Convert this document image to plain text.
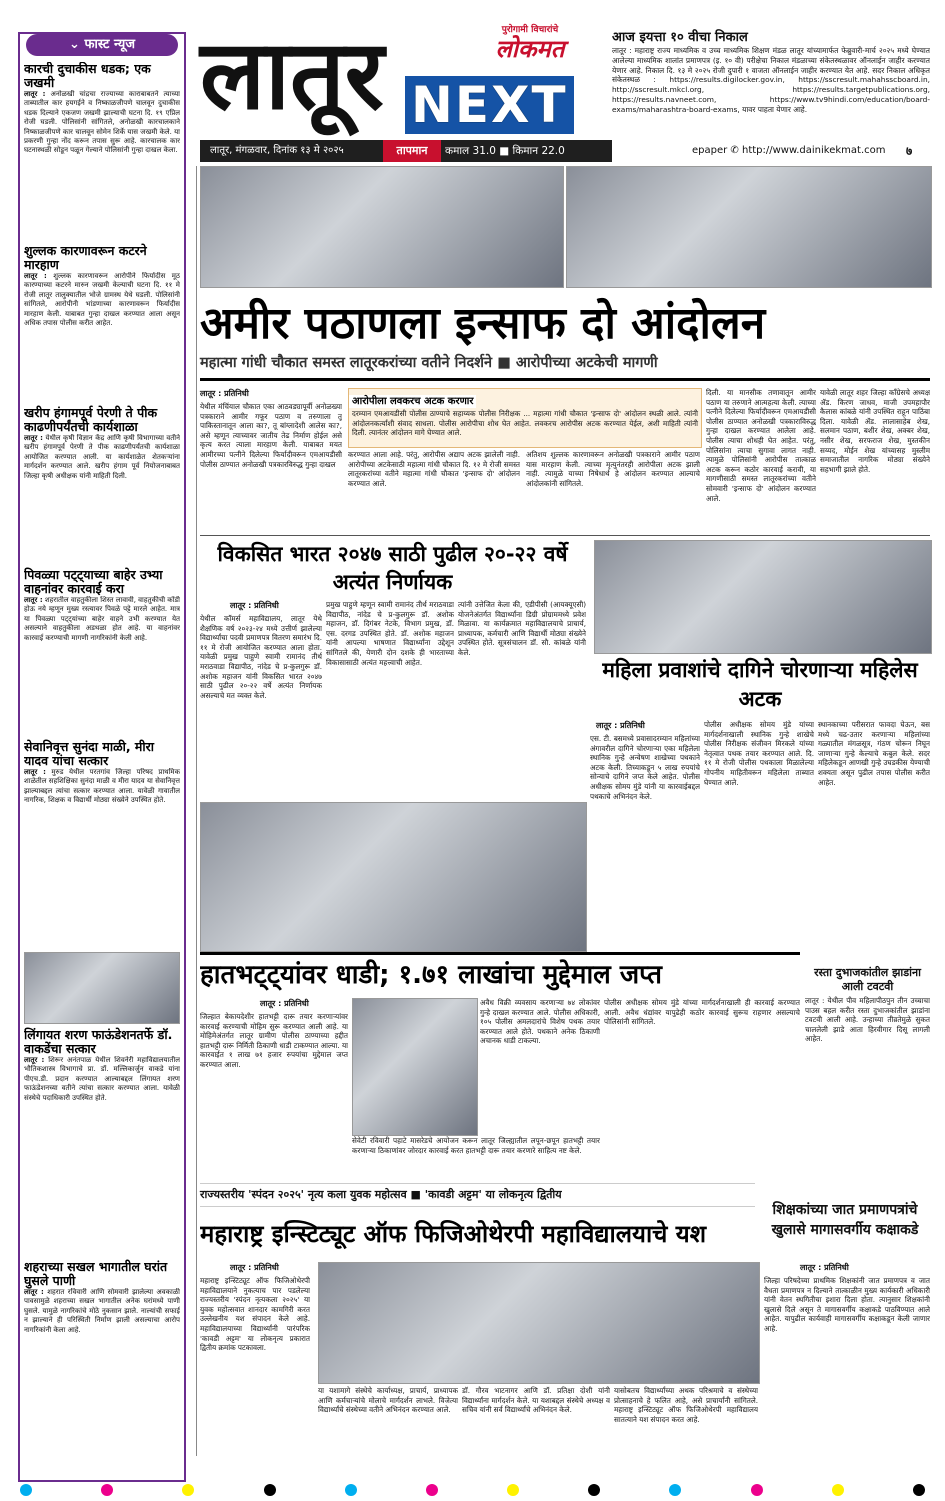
⌄ फास्ट न्यूज
कारची दुचाकीस धडक; एक जखमी
लातूर : अनोळखी चांद्रचा राज्याच्या काराबाबतने त्याच्या ताब्यातील कार हयगईने व निष्काळजीपणे चालवून दुचाकीस धडक दिल्याने एकजण जखमी झाल्याची घटना दि. १९ एप्रिल रोजी घडली. पोलिसांनी सांगितले, अनोळखी कारचालकाने निष्काळजीपणे कार चालवून सोमेन शिर्के यास जखमी केले. या प्रकरणी गुन्हा नोंद करून तपास सुरू आहे. कारचालक कार घटनास्थळी सोडून पळून गेल्याने पोलिसांनी गुन्हा दाखल केला.
शुल्लक कारणावरून कटरने मारहाण
लातूर : शुल्लक कारणावरून आरोपीने फिर्यादीस मूठ कारण्याच्या कटरने मारुन जखमी केल्याची घटना दि. ११ मे रोजी लातूर तालुक्यातील भोजे ग्रामस्थ येथे घडली. पोलिसांनी सांगितले, आरोपीनी भांडणाच्या कारणावरून फिर्यादीस मारहाण केली. याबाबत गुन्हा दाखल करण्यात आला असून अधिक तपास पोलीस करीत आहेत.
खरीप हंगामपूर्व पेरणी ते पीक काढणीपर्यंतची कार्यशाळा
लातूर : येथील कृषी विज्ञान केंद्र आणि कृषी विभागाच्या वतीने खरीप हंगामपूर्व पेरणी ते पीक काढणीपर्यंतची कार्यशाळा आयोजित करण्यात आली. या कार्यशाळेत शेतकऱ्यांना मार्गदर्शन करण्यात आले. खरीप हंगाम पूर्व नियोजनाबाबत जिल्हा कृषी अधीक्षक यांनी माहिती दिली.
पिवळ्या पट्ट्याच्या बाहेर उभ्या वाहनांवर कारवाई करा
लातूर : शहरातील वाहतुकीला शिस्त लावावी, वाहतुकीची कोंडी होऊ नये म्हणून मुख्य रस्त्यावर पिवळे पट्टे मारले आहेत. मात्र या पिवळ्या पट्ट्यांच्या बाहेर वाहने उभी करण्यात येत असल्याने वाहतुकीला अडथळा होत आहे. या वाहनांवर कारवाई करण्याची मागणी नागरिकांनी केली आहे.
सेवानिवृत्त सुनंदा माळी, मीरा यादव यांचा सत्कार
लातूर : मुरुड येथील परतगांव जिल्हा परिषद प्राथमिक शाळेतील सहशिक्षिका सुनंदा माळी व मीरा यादव या सेवानिवृत्त झाल्याबद्दल त्यांचा सत्कार करण्यात आला. यावेळी गावातील नागरिक, शिक्षक व विद्यार्थी मोठ्या संख्येने उपस्थित होते.
लिंगायत शरण फाऊंडेशनतर्फे डॉ. वाकडेंचा सत्कार
लातूर : शिरूर अनंतपाळ येथील शिवनेरी महाविद्यालयातील भौतिकशास्त्र विभागाचे प्रा. डॉ. मल्लिकार्जुन वाकडे यांना पीएच.डी. प्रदान करण्यात आल्याबद्दल लिंगायत शरण फाऊंडेशनच्या वतीने त्यांचा सत्कार करण्यात आला. यावेळी संस्थेचे पदाधिकारी उपस्थित होते.
शहराच्या सखल भागातील घरांत घुसले पाणी
लातूर : शहरात रविवारी आणि सोमवारी झालेल्या अवकाळी पावसामुळे शहराच्या सखल भागातील अनेक घरांमध्ये पाणी घुसले. यामुळे नागरिकांचे मोठे नुकसान झाले. नाल्यांची सफाई न झाल्याने ही परिस्थिती निर्माण झाली असल्याचा आरोप नागरिकांनी केला आहे.
लातूर	पुरोगामी विचारांचे
लोकमत
NEXT
लातूर, मंगळवार, दिनांक १३ मे २०२५	तापमान	कमाल 31.0 ■ किमान 22.0	epaper ✆ http://www.dainikekmat.com	७
आज इयत्ता १० वीचा निकाल
लातूर : महाराष्ट्र राज्य माध्यमिक व उच्च माध्यमिक शिक्षण मंडळ लातूर यांच्यामार्फत फेब्रुवारी-मार्च २०२५ मध्ये घेण्यात आलेल्या माध्यमिक शालांत प्रमाणपत्र (इ. १० वी) परीक्षेचा निकाल मंडळाच्या संकेतस्थळावर ऑनलाईन जाहीर करण्यात येणार आहे. निकाल दि. १३ मे २०२५ रोजी दुपारी १ वाजता ऑनलाईन जाहीर करण्यात येत आहे. सदर निकाल अधिकृत संकेतस्थळ : https://results.digilocker.gov.in, https://sscresult.mahahsscboard.in, http://sscresult.mkcl.org, https://results.targetpublications.org, https://results.navneet.com, https://www.tv9hindi.com/education/board-exams/maharashtra-board-exams, यावर पाहता येणार आहे.
अमीर पठाणला इन्साफ दो आंदोलन
महात्मा गांधी चौकात समस्त लातूरकरांच्या वतीने निदर्शने ■ आरोपीच्या अटकेची मागणी
लातूर : प्रतिनिधी
येथील मंचिंयाल चौकात एका आठवड्यापूर्वी अनोळख्या पत्रकाराने आमीर गफूर पठाण व तरुणाला तू पाकिस्तानातून आला का?, तू बांग्लादेशी आलेस का?, असे म्हणून त्याच्यावर जातीय तेढ निर्माण होईल असे कृत्य करत त्याला मारहाण केली. याबाबत मयत आमीरच्या पत्नीने दिलेल्या फिर्यादीवरून एमआयडीसी पोलीस ठाण्यात अनोळखी पत्रकारविरुद्ध गुन्हा दाखल
आरोपीला लवकरच अटक करणार
दरम्यान एमआयडीसी पोलीस ठाण्याचे सहाय्यक पोलीस निरीक्षक ... महात्मा गांधी चौकात 'इन्साफ दो' आंदोलन स्थळी आले. त्यांनी आंदोलनकर्त्यांशी संवाद साधला. पोलीस आरोपीचा शोध घेत आहेत. लवकरच आरोपीस अटक करण्यात येईल, अशी माहिती त्यांनी दिली. त्यानंतर आंदोलन मागे घेण्यात आले.
करण्यात आला आहे. परंतु, आरोपीस अद्याप अटक झालेली नाही. आरोपीच्या अटकेसाठी महात्मा गांधी चौकात दि. १२ मे रोजी समस्त लातूरकरांच्या वतीने महात्मा गांधी चौकात 'इन्साफ दो' आंदोलन करण्यात आले.
अतिशय शुल्लक कारणावरून अनोळखी पत्रकाराने आमीर पठाण यास मारहाण केली. त्याच्या मृत्युनंतरही आरोपीला अटक झाली नाही. त्यामुळे याच्या निषेधार्थ हे आंदोलन करण्यात आल्याचे आंदोलकांनी सांगितले.
दिली. या मानसीक तणावातून आमीर पठाण या तरुणाने आत्महत्या केली. त्याच्या पत्नीने दिलेल्या फिर्यादीवरून एमआयडीसी पोलीस ठाण्यात अनोळखी पत्रकाराविरुद्ध गुन्हा दाखल करण्यात आलेला आहे. पोलीस त्याचा शोधही घेत आहेत. परंतु, पोलिसांना त्याचा सुगावा लागत नाही. त्यामुळे पोलिसांनी आरोपीस तात्काळ अटक करून कठोर कारवाई करावी, या मागणीसाठी समस्त लातूरकरांच्या वतीने सोमवारी 'इन्साफ दो' आंदोलन करण्यात आले.
यावेळी लातूर शहर जिल्हा काँग्रेसचे अध्यक्ष ॲड. किरण जाधव, माजी उपमहापौर कैलास कांबळे यांनी उपस्थित राहून पाठिंबा दिला. यावेळी ॲड. लालासाहेब शेख, सलमान पठाण, बशीर शेख, अक्बर शेख, नसीर शेख, सरफराज शेख, मुस्तकीन सय्यद, मोईन शेख यांच्यासह मुस्लीम समाजातील नागरिक मोठ्या संख्येने सहभागी झाले होते.
विकसित भारत २०४७ साठी पुढील २०-२२ वर्षे अत्यंत निर्णायक
लातूर : प्रतिनिधी
येथील कॉमर्स महाविद्यालय, लातूर येथे शैक्षणिक वर्ष २०२३-२४ मध्ये उत्तीर्ण झालेल्या विद्यार्थ्यांचा पदवी प्रमाणपत्र वितरण समारंभ दि. ११ मे रोजी आयोजित करण्यात आला होता. यावेळी प्रमुख पाहुणे स्वामी रामानंद तीर्थ मराठवाडा विद्यापीठ, नांदेड चे प्र-कुलगुरू डॉ. अशोक महाजन यांनी विकसित भारत २०४७ साठी पुढील २०-२२ वर्षे अत्यंत निर्णायक असल्याचे मत व्यक्त केले.
प्रमुख पाहुणे म्हणून स्वामी रामानंद तीर्थ मराठवाडा विद्यापीठ, नांदेड चे प्र-कुलगुरू डॉ. अशोक महाजन, डॉ. दिगंबर नेटके, विभाग प्रमुख, डॉ. एस. दरगड उपस्थित होते. डॉ. अशोक महाजन यांनी आपल्या भाषणात विद्यार्थ्यांना उद्देशून सांगितले की, येणारी दोन दशके ही भारताच्या विकासासाठी अत्यंत महत्त्वाची आहेत.
त्यांनी उत्तेजित केला की, एडीपीसी (आयक्यूएसी) योजनेअंतर्गत विद्यार्थ्यांना डिग्री प्रोग्राममध्ये प्रवेश मिळावा. या कार्यक्रमात महाविद्यालयाचे प्राचार्य, प्राध्यापक, कर्मचारी आणि विद्यार्थी मोठ्या संख्येने उपस्थित होते. सूत्रसंचालन डॉ. सौ. कांबळे यांनी केले.
महिला प्रवाशांचे दागिने चोरणाऱ्या महिलेस अटक
लातूर : प्रतिनिधी
एस. टी. बसमध्ये प्रवासादरम्यान महिलांच्या अंगावरील दागिने चोरणाऱ्या एका महिलेला स्थानिक गुन्हे अन्वेषण शाखेच्या पथकाने अटक केली. तिच्याकडून ५ लाख रुपयांचे सोन्याचे दागिने जप्त केले आहेत. पोलीस अधीक्षक सोमय मुंडे यांनी या कारवाईबद्दल पथकाचे अभिनंदन केले.
पोलीस अधीक्षक सोमय मुंडे यांच्या मार्गदर्शनाखाली स्थानिक गुन्हे शाखेचे पोलीस निरीक्षक संजीवन मिरकले यांच्या नेतृत्वात पथक तयार करण्यात आले. दि. ११ मे रोजी पोलीस पथकाला मिळालेल्या गोपनीय माहितीवरून महिलेला ताब्यात घेण्यात आले.
स्थानकाच्या परीसरात फावदा घेऊन, बस मध्ये चढ-उतार करणाऱ्या महिलांच्या गळ्यातील मंगळसूत्र, गंठण चोरून निघून जाणाऱ्या गुन्हे केल्याचे कबुल केले. सदर महिलेकडून आणखी गुन्हे उघडकीस येण्याची शक्यता असून पुढील तपास पोलीस करीत आहेत.
हातभट्ट्यांवर धाडी; १.७१ लाखांचा मुद्देमाल जप्त
लातूर : प्रतिनिधी
जिल्हात बेकायदेशीर हातभट्टी दारू तयार करणाऱ्यांवर कारवाई करण्याची मोहिम सुरू करण्यात आली आहे. या मोहिमेअंतर्गत लातूर ग्रामीण पोलीस ठाण्याच्या हद्दीत हातभट्टी दारू निर्मिती ठिकाणी धाडी टाकण्यात आल्या. या कारवाईत १ लाख ७१ हजार रुपयांचा मुद्देमाल जप्त करण्यात आला.
सेवेटी रविवारी पहाटे मासरेडचे आयोजन करून लातूर जिल्ह्यातील लपून-छपून हातभट्टी तयार करणाऱ्या ठिकाणांवर जोरदार कारवाई करत हातभट्टी दारू तयार करणारे साहित्य नष्ट केले.
अवैध विक्री व्यवसाय करणाऱ्या ७४ लोकांवर गुन्हे दाखल करण्यात आले. पोलीस अधिकारी, १०५ पोलीस अमलदारांचे विशेष पथक तयार करण्यात आले होते. पथकाने अनेक ठिकाणी अचानक धाडी टाकल्या.
पोलीस अधीक्षक सोमय मुंडे यांच्या मार्गदर्शनाखाली ही कारवाई करण्यात आली. अवैध धंद्यांवर यापुढेही कठोर कारवाई सुरूच राहणार असल्याचे पोलिसांनी सांगितले.
रस्ता दुभाजकांतील झाडांना आली टवटवी
लातूर : येथील पीव महिलापीठपुन तीन उच्चाचा पाउस बहल करीत रस्ता दुभाजकांतील झाडांना टवटवी आली आहे. उन्हाच्या तीव्रतेमुळे सुकत चाललेली झाडे आता हिरवीगार दिसू लागली आहेत.
राज्यस्तरीय 'स्पंदन २०२५' नृत्य कला युवक महोत्सव ■ 'कावडी अट्टम' या लोकनृत्य द्वितीय
महाराष्ट्र इन्स्टिट्यूट ऑफ फिजिओथेरपी महाविद्यालयाचे यश
लातूर : प्रतिनिधी
महाराष्ट्र इन्स्टिट्यूट ऑफ फिजिओथेरपी महाविद्यालयाने नुकत्याच पार पडलेल्या राज्यस्तरीय 'स्पंदन नृत्यकला २०२५' या युवक महोत्सवात शानदार कामगिरी करत उल्लेखनीय यश संपादन केले आहे. महाविद्यालयाच्या विद्यार्थ्यांनी पारंपरिक 'कावडी अट्टम' या लोकनृत्य प्रकारात द्वितीय क्रमांक पटकावला.
या यशामागे संस्थेचे कार्याध्यक्ष, प्राचार्य, प्राध्यापक आणि कर्मचाऱ्यांचे मोलाचे मार्गदर्शन लाभले. विजेत्या विद्यार्थ्यांचे संस्थेच्या वतीने अभिनंदन करण्यात आले.
डॉ. गौरव भाटनागर आणि डॉ. प्रतिक्षा दोशी यांनी विद्यार्थ्यांना मार्गदर्शन केले. या यशाबद्दल संस्थेचे अध्यक्ष व सचिव यांनी सर्व विद्यार्थ्यांचे अभिनंदन केले.
यासोबतच विद्यार्थ्यांच्या अथक परिश्रमाचे व संस्थेच्या प्रोत्साहनाचे हे फलित आहे, असे प्राचार्यांनी सांगितले. महाराष्ट्र इन्स्टिट्यूट ऑफ फिजिओथेरपी महाविद्यालय सातत्याने यश संपादन करत आहे.
शिक्षकांच्या जात प्रमाणपत्रांचे खुलासे मागासवर्गीय कक्षाकडे
लातूर : प्रतिनिधी
जिल्हा परिषदेच्या प्राथमिक शिक्षकांनी जात प्रमाणपत्र व जात वैधता प्रमाणपत्र न दिल्याने तात्काळीन मुख्य कार्यकारी अधिकारी यांनी वेतन स्थगितीचा इशारा दिला होता. त्यानुसार शिक्षकांनी खुलासे दिले असून ते मागासवर्गीय कक्षाकडे पाठविण्यात आले आहेत. यापुढील कार्यवाही मागासवर्गीय कक्षाकडून केली जाणार आहे.
